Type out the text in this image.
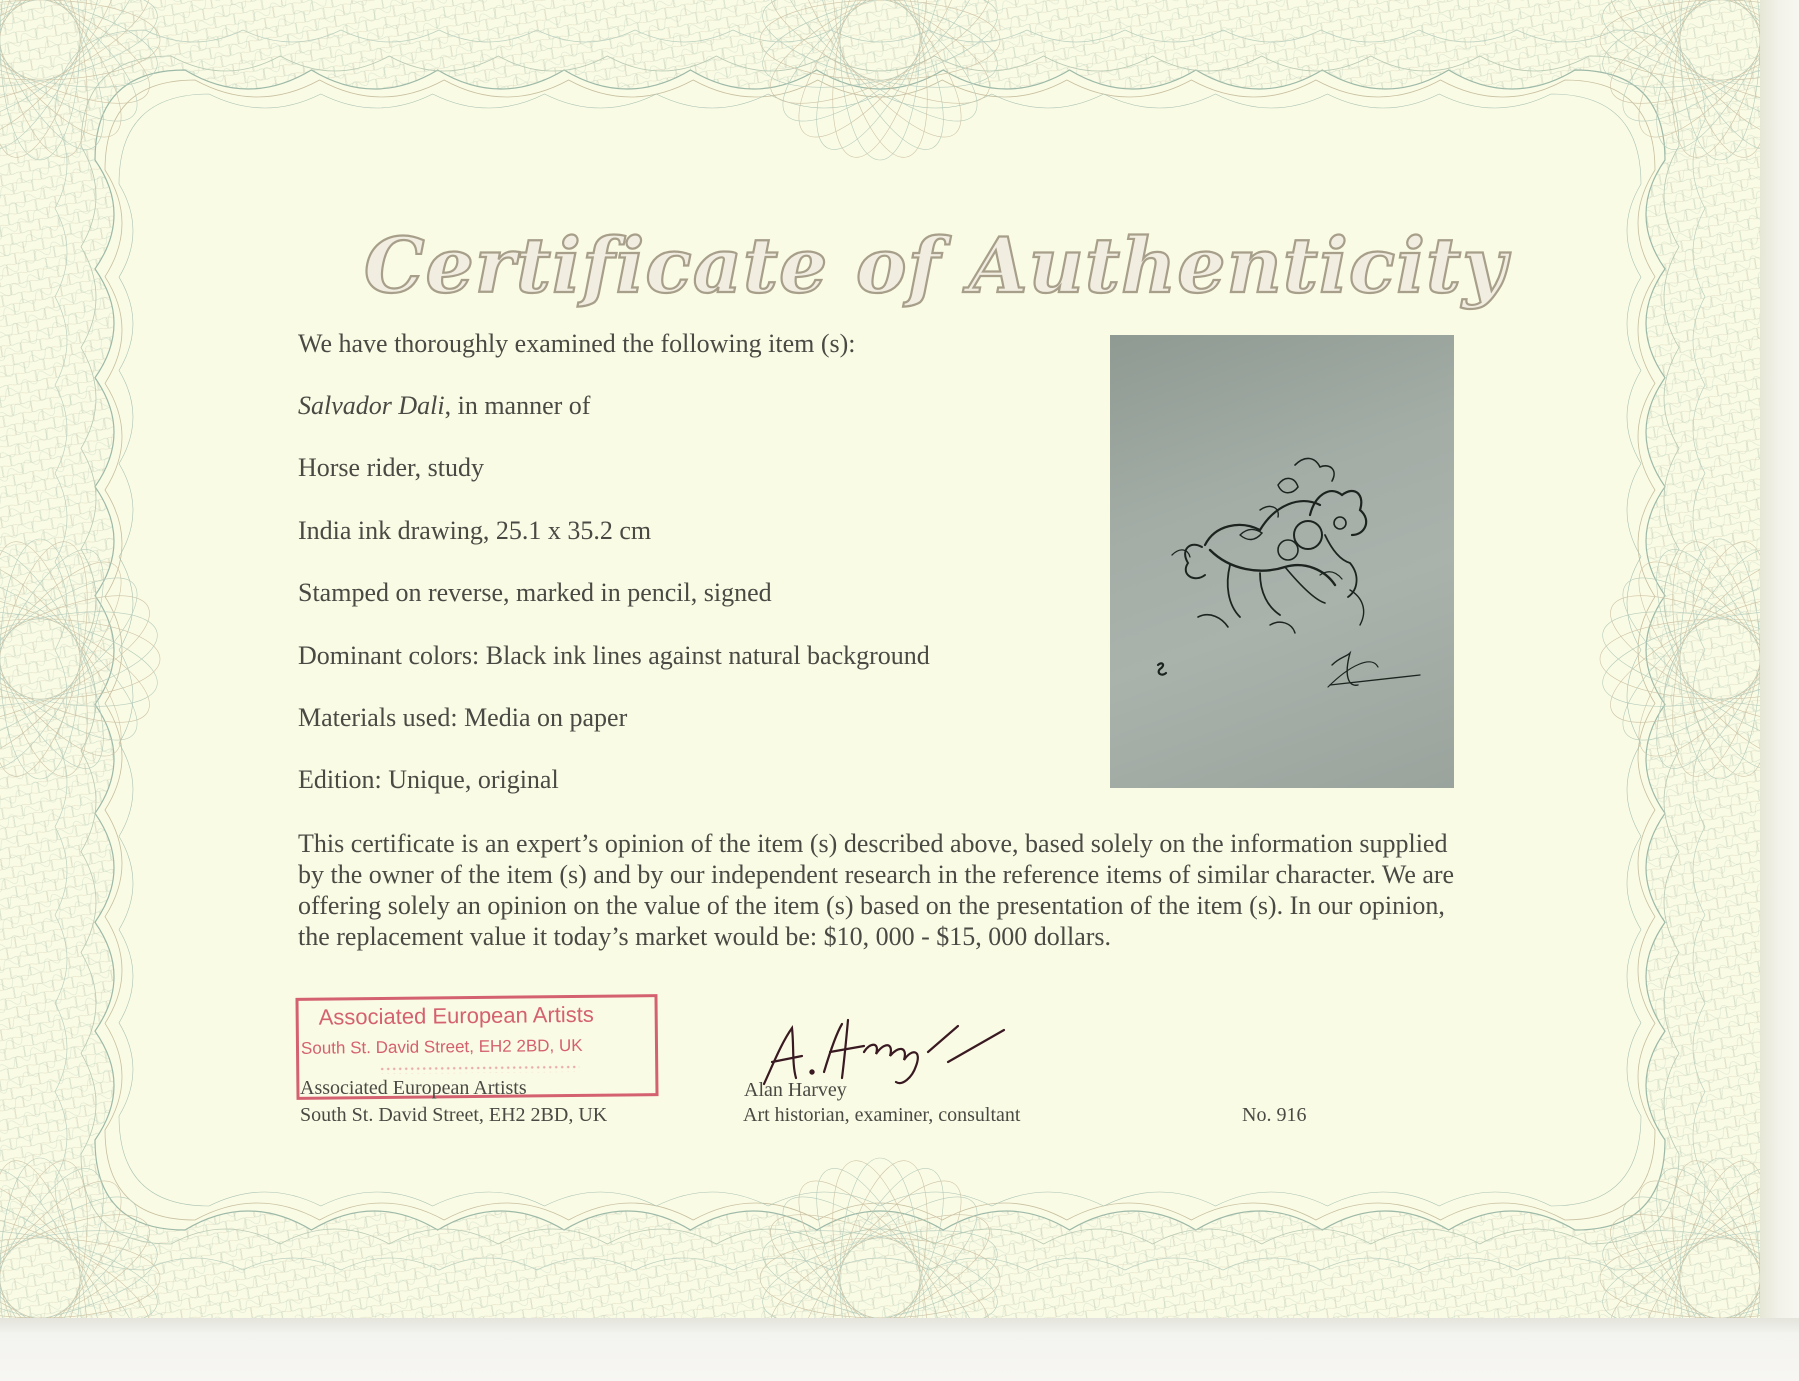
Certificate of Authenticity
We have thoroughly examined the following item (s):
Salvador Dali, in manner of
Horse rider, study
India ink drawing, 25.1 x 35.2 cm
Stamped on reverse, marked in pencil, signed
Dominant colors: Black ink lines against natural background
Materials used: Media on paper
Edition: Unique, original
This certificate is an expert’s opinion of the item (s) described above, based solely on the information supplied by the owner of the item (s) and by our independent research in the reference items of similar character. We are offering solely an opinion on the value of the item (s) based on the presentation of the item (s). In our opinion, the replacement value it today’s market would be: $10, 000 - $15, 000 dollars.
Associated European Artists
South St. David Street, EH2 2BD, UK
Associated European Artists
South St. David Street, EH2 2BD, UK
Alan Harvey
Art historian, examiner, consultant	No. 916
